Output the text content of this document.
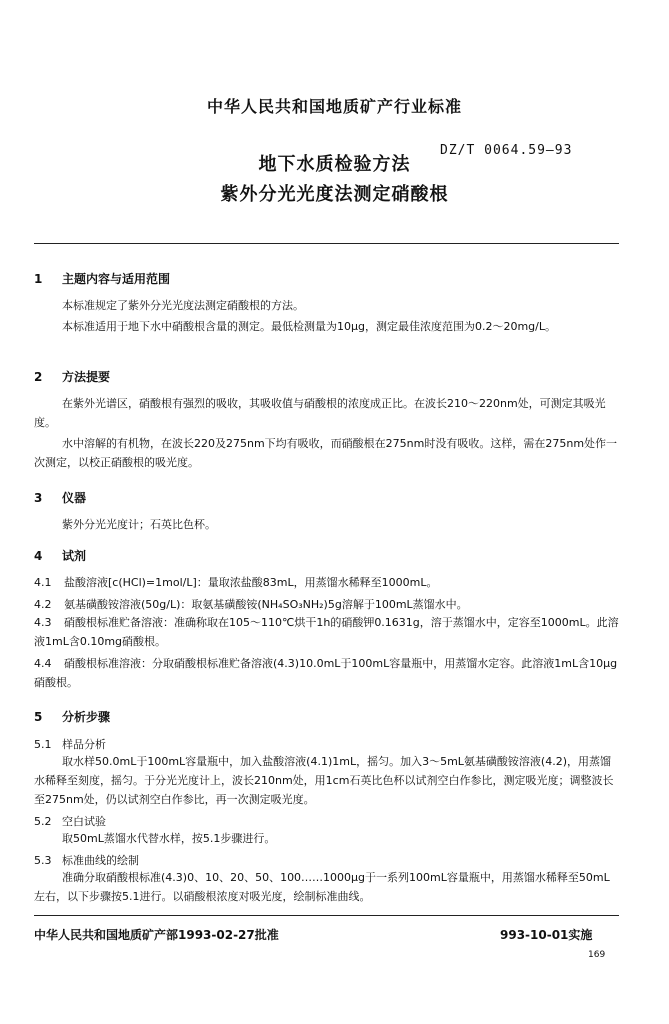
中华人民共和国地质矿产行业标准
DZ/T 0064.59—93
地下水质检验方法
紫外分光光度法测定硝酸根
1 主题内容与适用范围
本标准规定了紫外分光光度法测定硝酸根的方法。
本标准适用于地下水中硝酸根含量的测定。最低检测量为10μg，测定最佳浓度范围为0.2～20mg/L。
2 方法提要
在紫外光谱区，硝酸根有强烈的吸收，其吸收值与硝酸根的浓度成正比。在波长210～220nm处，可测定其吸光度。
水中溶解的有机物，在波长220及275nm下均有吸收，而硝酸根在275nm时没有吸收。这样，需在275nm处作一次测定，以校正硝酸根的吸光度。
3 仪器
紫外分光光度计；石英比色杯。
4 试剂
4.1 盐酸溶液[c(HCl)=1mol/L]：量取浓盐酸83mL，用蒸馏水稀释至1000mL。
4.2 氨基磺酸铵溶液(50g/L)：取氨基磺酸铵(NH₄SO₃NH₂)5g溶解于100mL蒸馏水中。
4.3 硝酸根标准贮备溶液：准确称取在105～110℃烘干1h的硝酸钾0.1631g，溶于蒸馏水中，定容至1000mL。此溶液1mL含0.10mg硝酸根。
4.4 硝酸根标准溶液：分取硝酸根标准贮备溶液(4.3)10.0mL于100mL容量瓶中，用蒸馏水定容。此溶液1mL含10μg硝酸根。
5 分析步骤
5.1 样品分析
取水样50.0mL于100mL容量瓶中，加入盐酸溶液(4.1)1mL，摇匀。加入3～5mL氨基磺酸铵溶液(4.2)，用蒸馏水稀释至刻度，摇匀。于分光光度计上，波长210nm处，用1cm石英比色杯以试剂空白作参比，测定吸光度；调整波长至275nm处，仍以试剂空白作参比，再一次测定吸光度。
5.2 空白试验
取50mL蒸馏水代替水样，按5.1步骤进行。
5.3 标准曲线的绘制
准确分取硝酸根标准(4.3)0、10、20、50、100……1000μg于一系列100mL容量瓶中，用蒸馏水稀释至50mL左右，以下步骤按5.1进行。以硝酸根浓度对吸光度，绘制标准曲线。
中华人民共和国地质矿产部1993-02-27批准	993-10-01实施
169
